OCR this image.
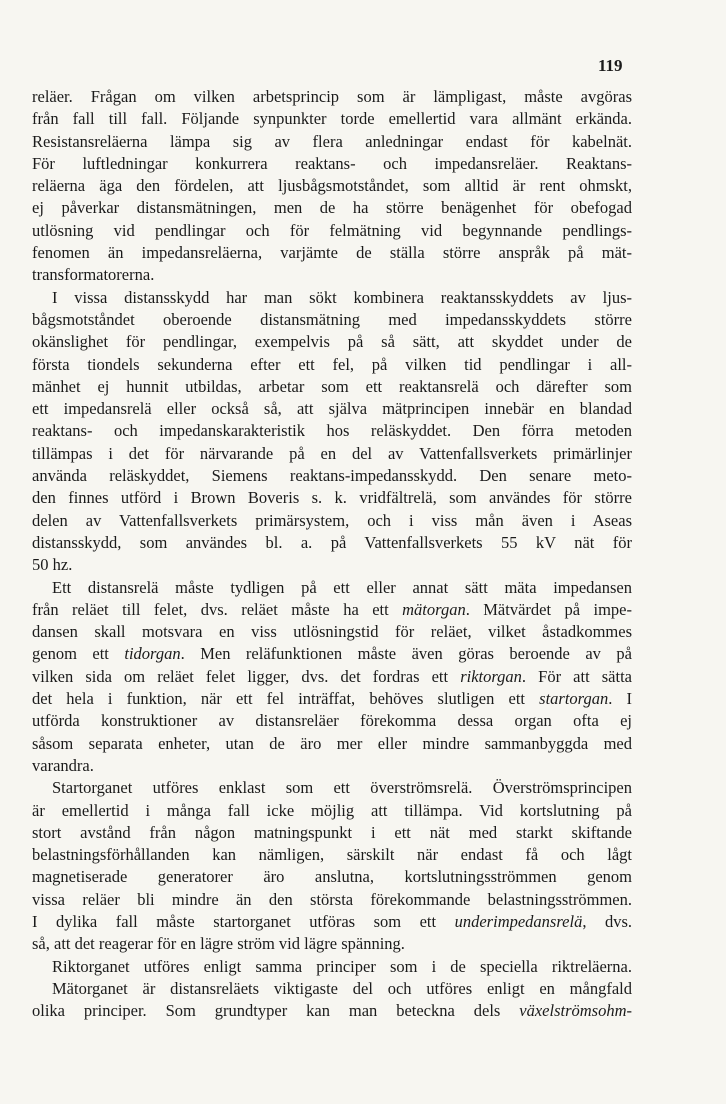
119
reläer. Frågan om vilken arbetsprincip som är lämpligast, måste avgöras
från fall till fall. Följande synpunkter torde emellertid vara allmänt erkända.
Resistansreläerna lämpa sig av flera anledningar endast för kabelnät.
För luftledningar konkurrera reaktans- och impedansreläer. Reaktans-
reläerna äga den fördelen, att ljusbågsmotståndet, som alltid är rent ohmskt,
ej påverkar distansmätningen, men de ha större benägenhet för obefogad
utlösning vid pendlingar och för felmätning vid begynnande pendlings-
fenomen än impedansreläerna, varjämte de ställa större anspråk på mät-
transformatorerna.
I vissa distansskydd har man sökt kombinera reaktansskyddets av ljus-
bågsmotståndet oberoende distansmätning med impedansskyddets större
okänslighet för pendlingar, exempelvis på så sätt, att skyddet under de
första tiondels sekunderna efter ett fel, på vilken tid pendlingar i all-
mänhet ej hunnit utbildas, arbetar som ett reaktansrelä och därefter som
ett impedansrelä eller också så, att själva mätprincipen innebär en blandad
reaktans- och impedanskarakteristik hos reläskyddet. Den förra metoden
tillämpas i det för närvarande på en del av Vattenfallsverkets primärlinjer
använda reläskyddet, Siemens reaktans-impedansskydd. Den senare meto-
den finnes utförd i Brown Boveris s. k. vridfältrelä, som användes för större
delen av Vattenfallsverkets primärsystem, och i viss mån även i Aseas
distansskydd, som användes bl. a. på Vattenfallsverkets 55 kV nät för
50 hz.
Ett distansrelä måste tydligen på ett eller annat sätt mäta impedansen
från reläet till felet, dvs. reläet måste ha ett mätorgan. Mätvärdet på impe-
dansen skall motsvara en viss utlösningstid för reläet, vilket åstadkommes
genom ett tidorgan. Men reläfunktionen måste även göras beroende av på
vilken sida om reläet felet ligger, dvs. det fordras ett riktorgan. För att sätta
det hela i funktion, när ett fel inträffat, behöves slutligen ett startorgan. I
utförda konstruktioner av distansreläer förekomma dessa organ ofta ej
såsom separata enheter, utan de äro mer eller mindre sammanbyggda med
varandra.
Startorganet utföres enklast som ett överströmsrelä. Överströmsprincipen
är emellertid i många fall icke möjlig att tillämpa. Vid kortslutning på
stort avstånd från någon matningspunkt i ett nät med starkt skiftande
belastningsförhållanden kan nämligen, särskilt när endast få och lågt
magnetiserade generatorer äro anslutna, kortslutningsströmmen genom
vissa reläer bli mindre än den största förekommande belastningsströmmen.
I dylika fall måste startorganet utföras som ett underimpedansrelä, dvs.
så, att det reagerar för en lägre ström vid lägre spänning.
Riktorganet utföres enligt samma principer som i de speciella riktreläerna.
Mätorganet är distansreläets viktigaste del och utföres enligt en mångfald
olika principer. Som grundtyper kan man beteckna dels växelströmsohm-
